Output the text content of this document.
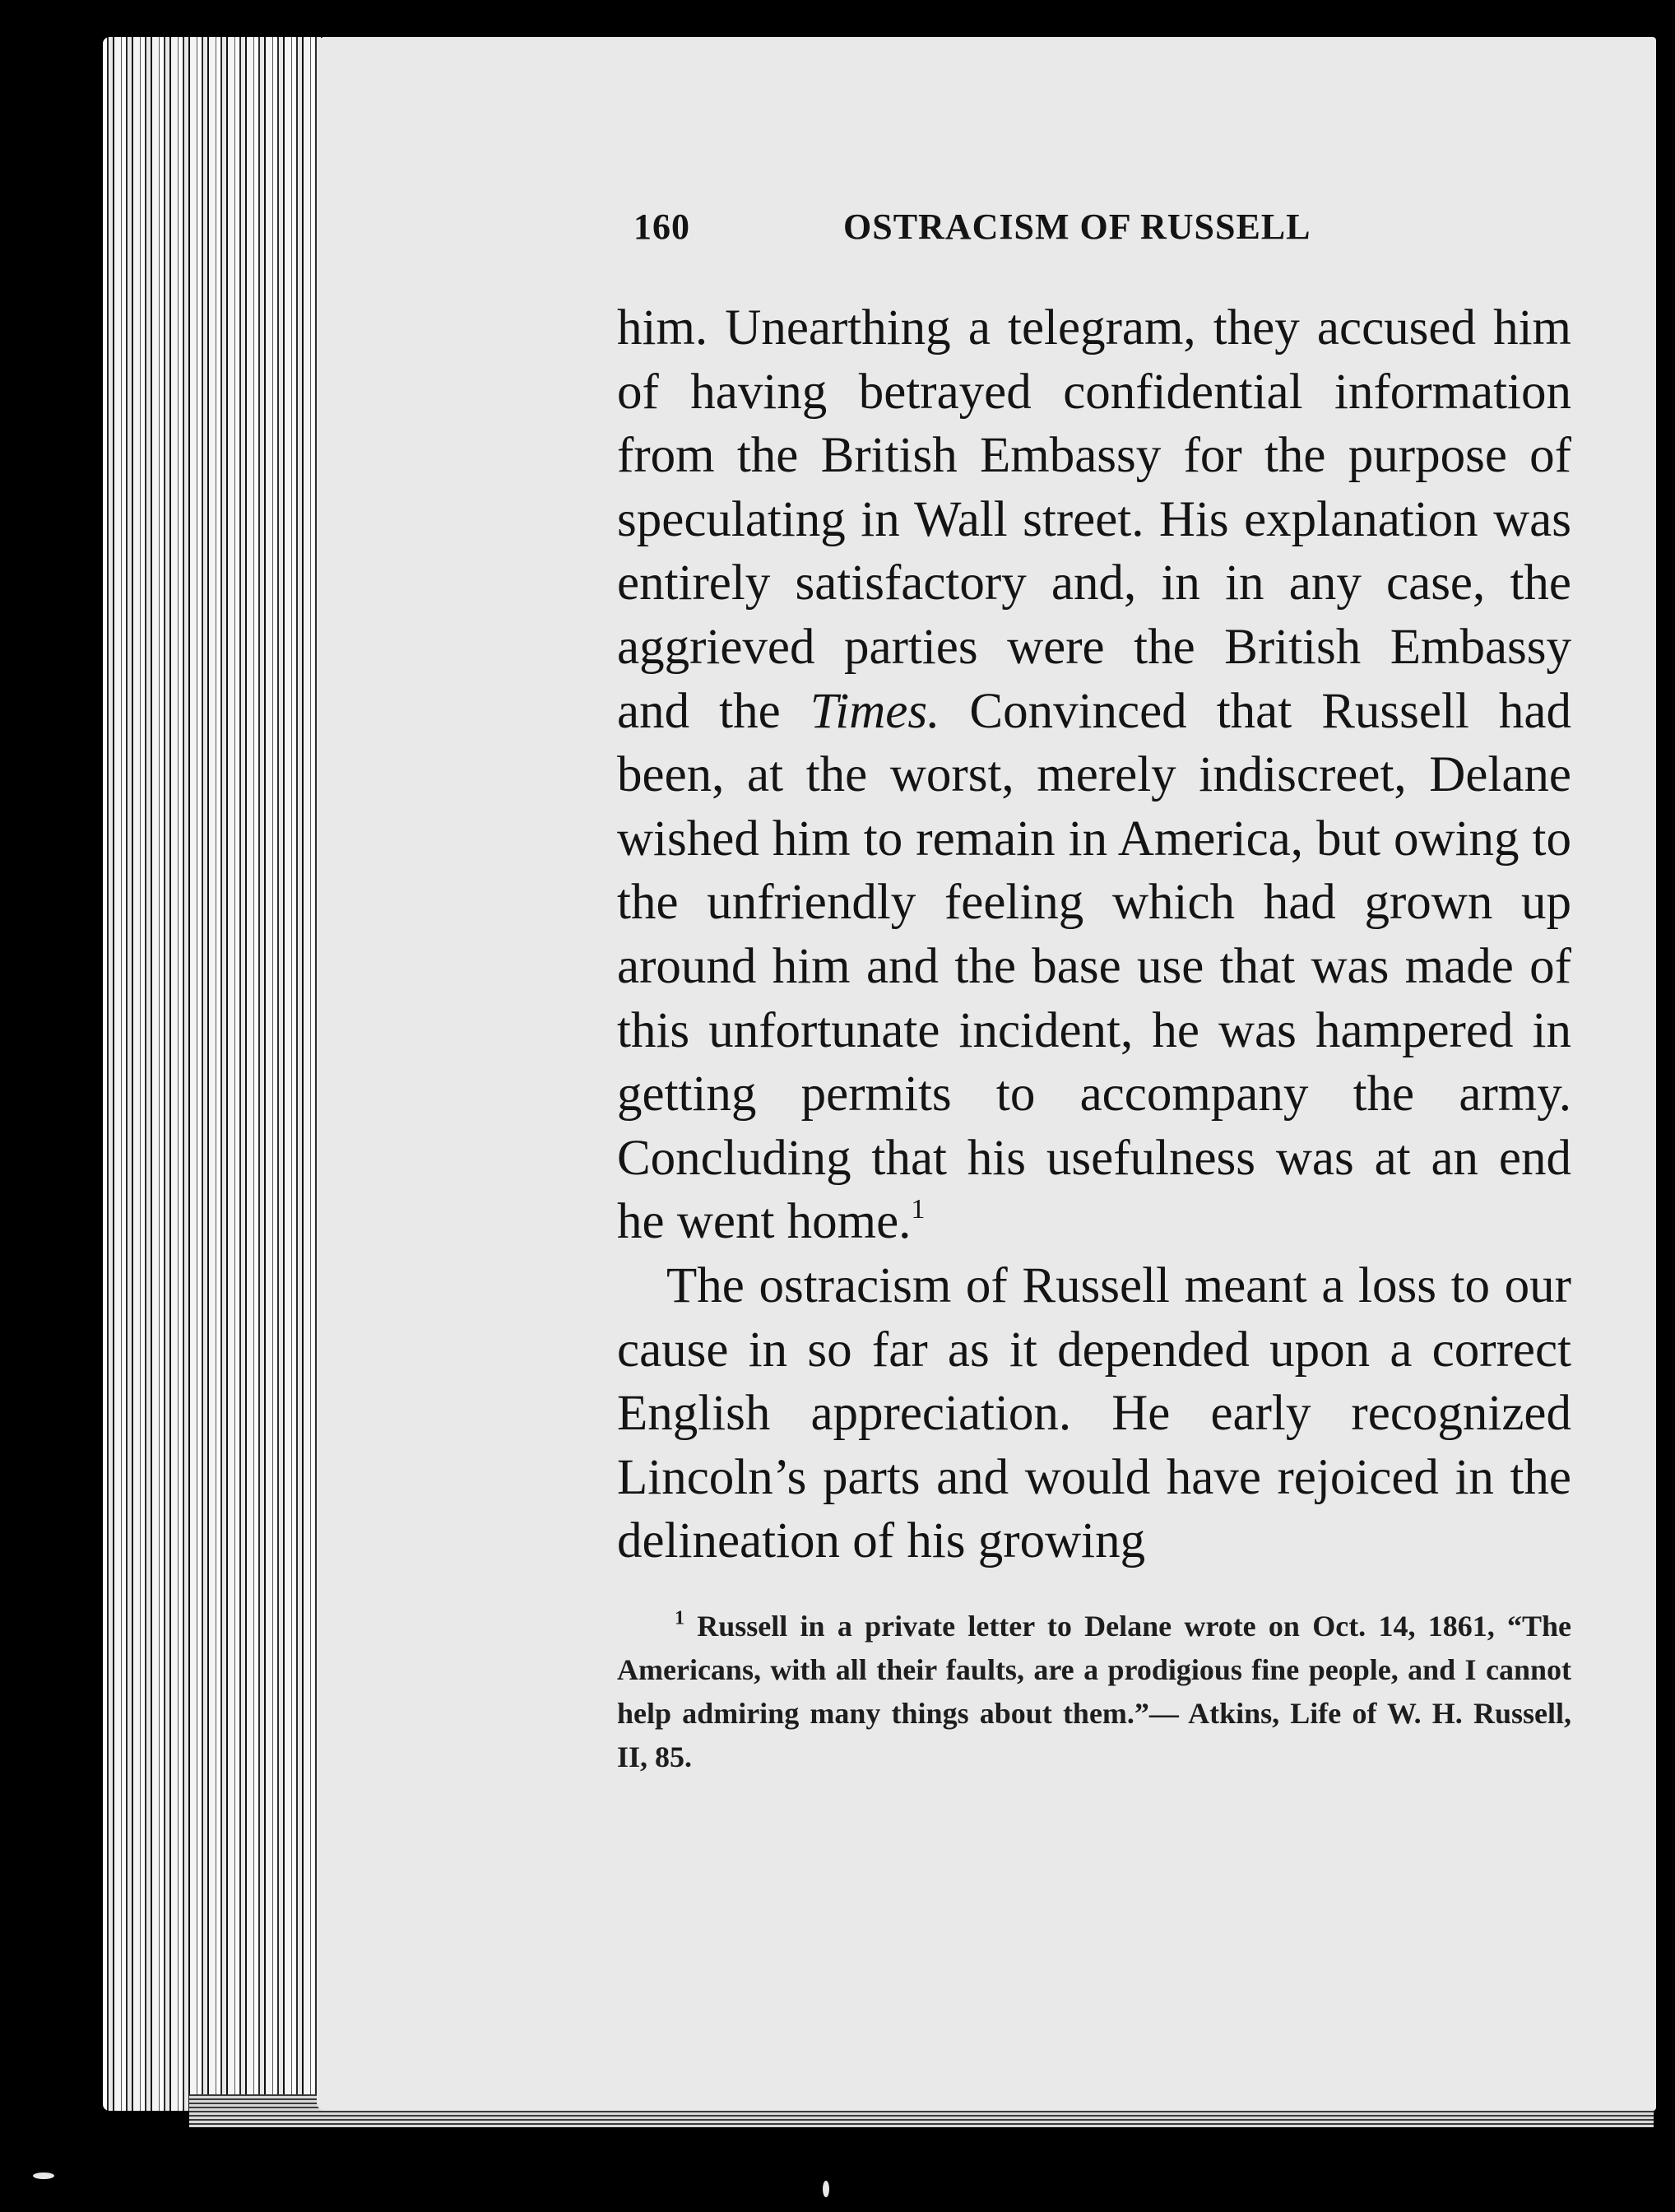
160	OSTRACISM OF RUSSELL

him. Unearthing a telegram, they accused him of having betrayed confidential information from the British Embassy for the purpose of speculating in Wall street. His explanation was entirely satisfactory and, in in any case, the aggrieved parties were the British Embassy and the Times. Convinced that Russell had been, at the worst, merely indiscreet, Delane wished him to remain in America, but owing to the unfriendly feeling which had grown up around him and the base use that was made of this unfortunate incident, he was hampered in getting permits to accompany the army. Concluding that his usefulness was at an end he went home.$^1$

The ostracism of Russell meant a loss to our cause in so far as it depended upon a correct English appreciation. He early recognized Lincoln’s parts and would have rejoiced in the delineation of his growing

$^1$ Russell in a private letter to Delane wrote on Oct. 14, 1861, “The Americans, with all their faults, are a prodigious fine people, and I cannot help admiring many things about them.”— Atkins, Life of W. H. Russell, II, 85.
